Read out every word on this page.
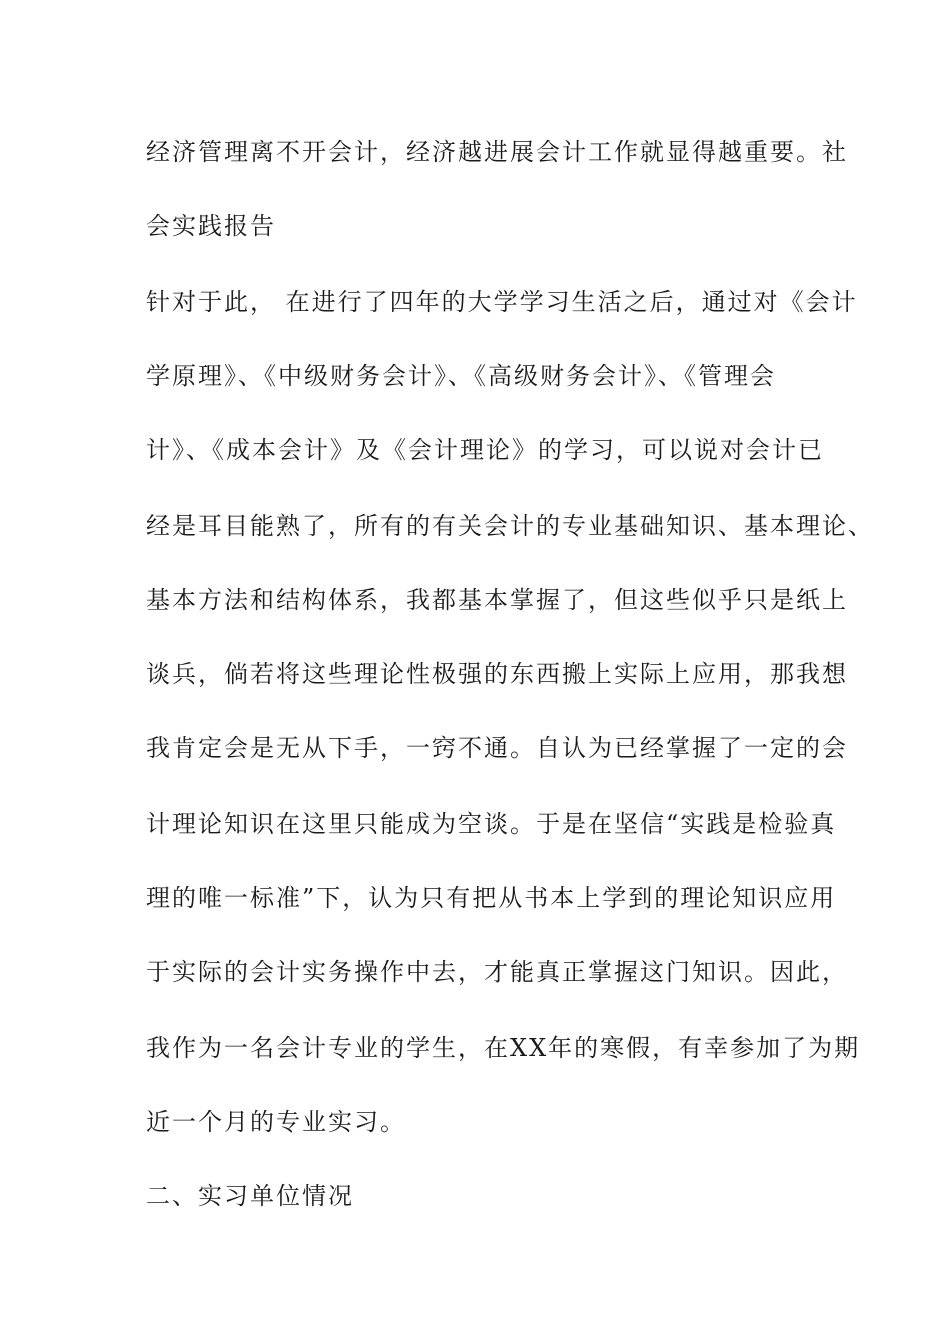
经济管理离不开会计，经济越进展会计工作就显得越重要。社
会实践报告
针对于此， 在进行了四年的大学学习生活之后，通过对《会计
学原理》、《中级财务会计》、《高级财务会计》、《管理会
计》、《成本会计》及《会计理论》的学习，可以说对会计已
经是耳目能熟了，所有的有关会计的专业基础知识、基本理论、
基本方法和结构体系，我都基本掌握了，但这些似乎只是纸上
谈兵，倘若将这些理论性极强的东西搬上实际上应用，那我想
我肯定会是无从下手，一窍不通。自认为已经掌握了一定的会
计理论知识在这里只能成为空谈。于是在坚信“实践是检验真
理的唯一标准”下，认为只有把从书本上学到的理论知识应用
于实际的会计实务操作中去，才能真正掌握这门知识。因此，
我作为一名会计专业的学生，在XX年的寒假，有幸参加了为期
近一个月的专业实习。
二、实习单位情况
